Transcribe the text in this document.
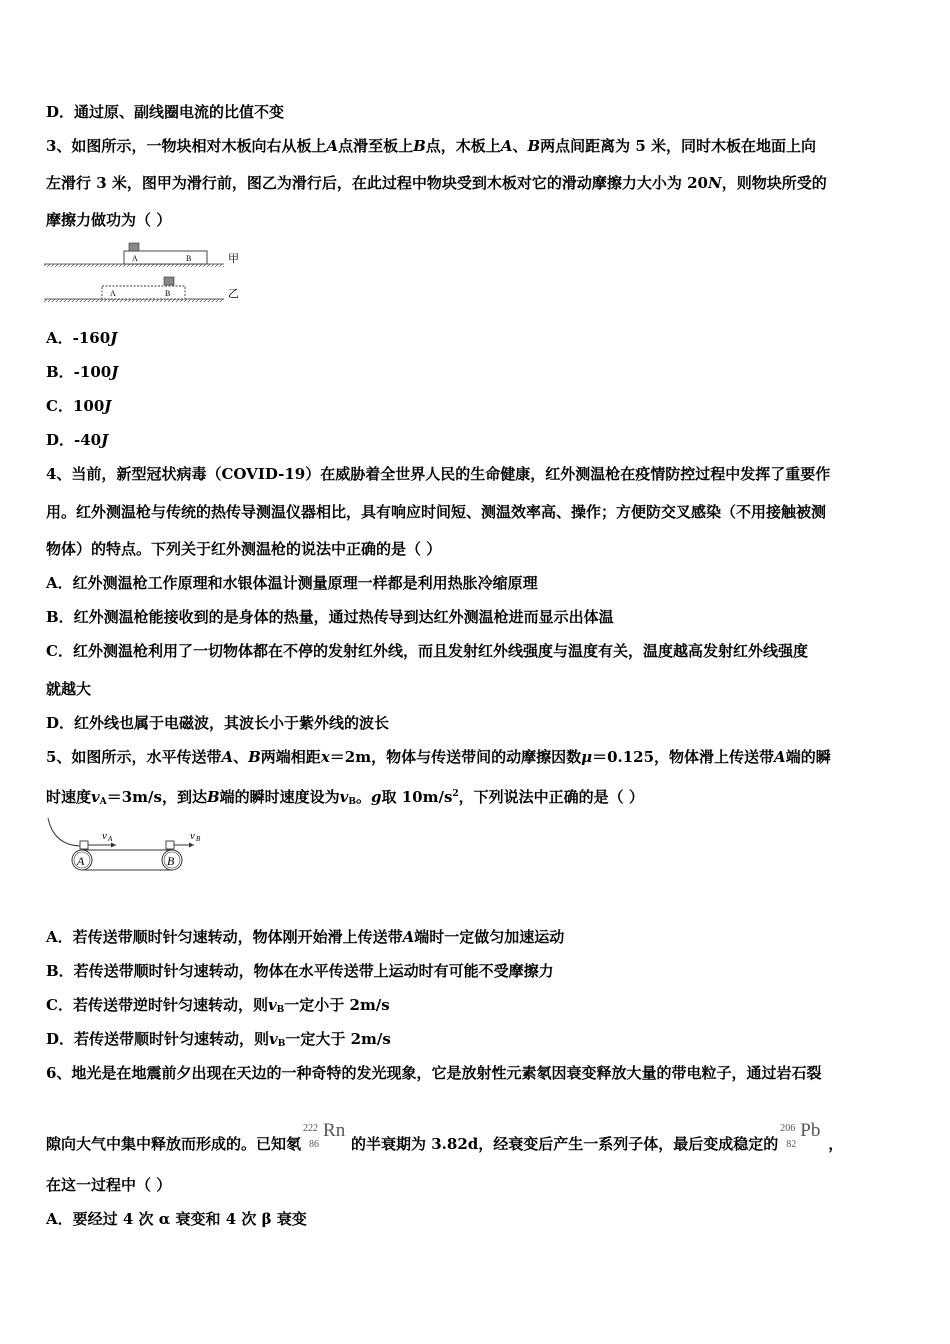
D．通过原、副线圈电流的比值不变
3、如图所示，一物块相对木板向右从板上A点滑至板上B点，木板上A、B两点间距离为 5 米，同时木板在地面上向
左滑行 3 米，图甲为滑行前，图乙为滑行后，在此过程中物块受到木板对它的滑动摩擦力大小为 20N，则物块所受的
摩擦力做功为（ ）
A	B	甲
A	B	乙
A．-160J
B．-100J
C．100J
D．-40J
4、当前，新型冠状病毒（COVID-19）在威胁着全世界人民的生命健康，红外测温枪在疫情防控过程中发挥了重要作
用。红外测温枪与传统的热传导测温仪器相比，具有响应时间短、测温效率高、操作；方便防交叉感染（不用接触被测
物体）的特点。下列关于红外测温枪的说法中正确的是（ ）
A．红外测温枪工作原理和水银体温计测量原理一样都是利用热胀冷缩原理
B．红外测温枪能接收到的是身体的热量，通过热传导到达红外测温枪进而显示出体温
C．红外测温枪利用了一切物体都在不停的发射红外线，而且发射红外线强度与温度有关，温度越高发射红外线强度
就越大
D．红外线也属于电磁波，其波长小于紫外线的波长
5、如图所示，水平传送带A、B两端相距x＝2m，物体与传送带间的动摩擦因数μ＝0.125，物体滑上传送带A端的瞬
时速度$v_A=3m/s$，到达B端的瞬时速度设为$v_B$。g取 $10m/s^2$，下列说法中正确的是（ ）
A	B
v A	v B
A．若传送带顺时针匀速转动，物体刚开始滑上传送带A端时一定做匀加速运动
B．若传送带顺时针匀速转动，物体在水平传送带上运动时有可能不受摩擦力
C．若传送带逆时针匀速转动，则$v_B$一定小于 2m/s
D．若传送带顺时针匀速转动，则$v_B$一定大于 2m/s
6、地光是在地震前夕出现在天边的一种奇特的发光现象，它是放射性元素氡因衰变释放大量的带电粒子，通过岩石裂
隙向大气中集中释放而形成的。已知氡
222
86
Rn
的半衰期为 3.82d，经衰变后产生一系列子体，最后变成稳定的
206
82
Pb
，
在这一过程中（ ）
A．要经过 4 次 α 衰变和 4 次 β 衰变
